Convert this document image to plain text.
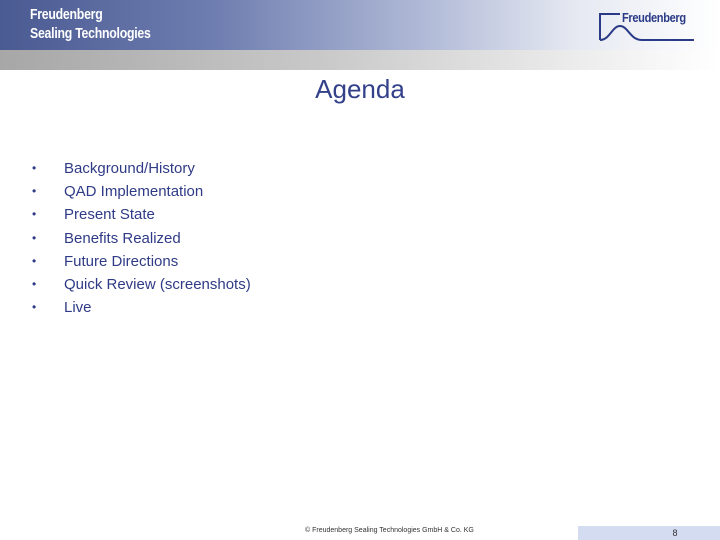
Freudenberg
Sealing Technologies
Freudenberg
Agenda
•	Background/History
•	QAD Implementation
•	Present State
•	Benefits Realized
•	Future Directions
•	Quick Review (screenshots)
•	Live
© Freudenberg Sealing Technologies GmbH & Co. KG	8
